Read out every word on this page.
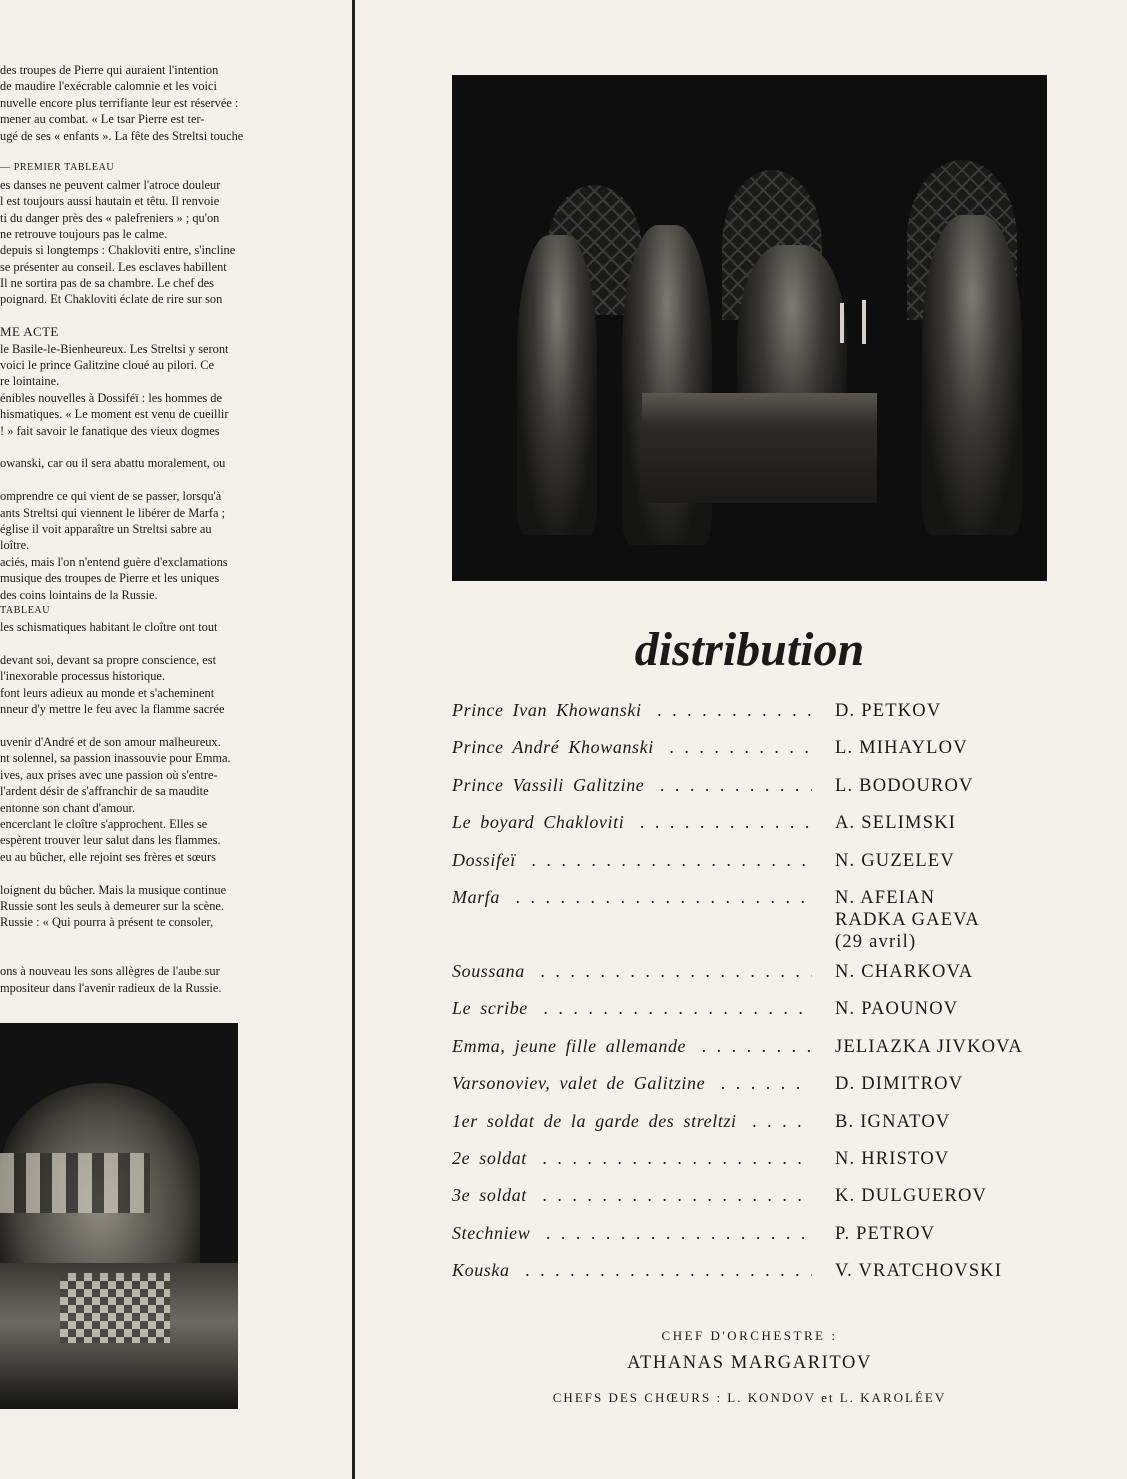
des troupes de Pierre qui auraient l'intention
de maudire l'exécrable calomnie et les voici
nuvelle encore plus terrifiante leur est réservée :
mener au combat. « Le tsar Pierre est ter-
ugé de ses « enfants ». La fête des Streltsi touche
— PREMIER TABLEAU
es danses ne peuvent calmer l'atroce douleur
l est toujours aussi hautain et têtu. Il renvoie
ti du danger près des « palefreniers » ; qu'on
ne retrouve toujours pas le calme.
depuis si longtemps : Chakloviti entre, s'incline
se présenter au conseil. Les esclaves habillent
Il ne sortira pas de sa chambre. Le chef des
poignard. Et Chakloviti éclate de rire sur son
ME ACTE
le Basile-le-Bienheureux. Les Streltsi y seront
voici le prince Galitzine cloué au pilori. Ce
re lointaine.
énibles nouvelles à Dossiféï : les hommes de
hismatiques. « Le moment est venu de cueillir
! » fait savoir le fanatique des vieux dogmes
owanski, car ou il sera abattu moralement, ou
omprendre ce qui vient de se passer, lorsqu'à
ants Streltsi qui viennent le libérer de Marfa ;
église il voit apparaître un Streltsi sabre au
loître.
aciés, mais l'on n'entend guère d'exclamations
musique des troupes de Pierre et les uniques
des coins lointains de la Russie.
TABLEAU
les schismatiques habitant le cloître ont tout
devant soi, devant sa propre conscience, est
l'inexorable processus historique.
font leurs adieux au monde et s'acheminent
nneur d'y mettre le feu avec la flamme sacrée
uvenir d'André et de son amour malheureux.
nt solennel, sa passion inassouvie pour Emma.
ives, aux prises avec une passion où s'entre-
l'ardent désir de s'affranchir de sa maudite
entonne son chant d'amour.
encerclant le cloître s'approchent. Elles se
espèrent trouver leur salut dans les flammes.
eu au bûcher, elle rejoint ses frères et sœurs
loignent du bûcher. Mais la musique continue
Russie sont les seuls à demeurer sur la scène.
Russie : « Qui pourra à présent te consoler,
ons à nouveau les sons allègres de l'aube sur
mpositeur dans l'avenir radieux de la Russie.
distribution
Prince Ivan Khowanski . . .	D. PETKOV
Prince André Khowanski . . .	L. MIHAYLOV
Prince Vassili Galitzine . . .	L. BODOUROV
Le boyard Chakloviti . . .	A. SELIMSKI
Dossifeï . . .	N. GUZELEV
Marfa . . .	N. AFEIAN
RADKA GAEVA
(29 avril)
Soussana . . .	N. CHARKOVA
Le scribe . . .	N. PAOUNOV
Emma, jeune fille allemande . . .	JELIAZKA JIVKOVA
Varsonoviev, valet de Galitzine . . .	D. DIMITROV
1er soldat de la garde des streltzi . . .	B. IGNATOV
2e soldat . . .	N. HRISTOV
3e soldat . . .	K. DULGUEROV
Stechniew . . .	P. PETROV
Kouska . . .	V. VRATCHOVSKI
CHEF D'ORCHESTRE :
ATHANAS MARGARITOV
CHEFS DES CHŒURS : L. KONDOV et L. KAROLÉEV
